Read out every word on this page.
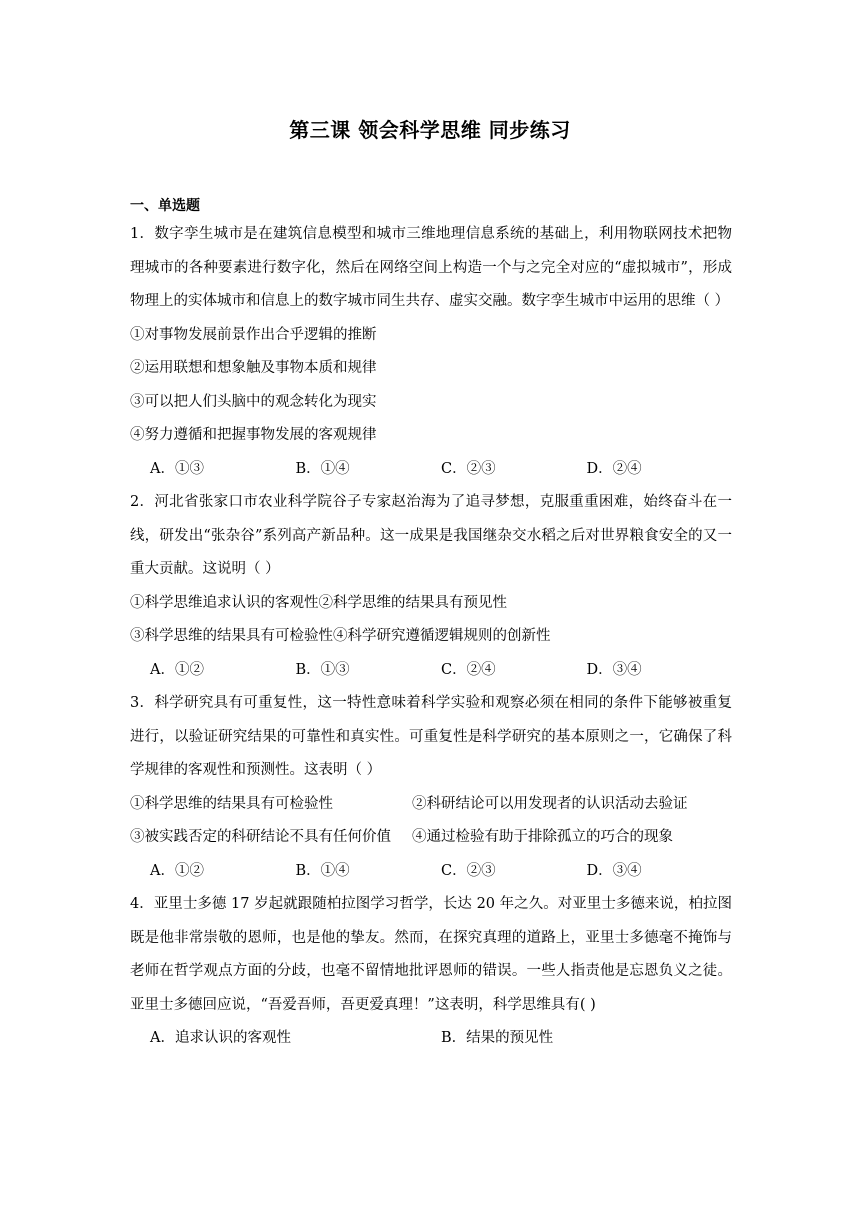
第三课 领会科学思维 同步练习
一、单选题

1．数字孪生城市是在建筑信息模型和城市三维地理信息系统的基础上，利用物联网技术把物理城市的各种要素进行数字化，然后在网络空间上构造一个与之完全对应的“虚拟城市”，形成物理上的实体城市和信息上的数字城市同生共存、虚实交融。数字孪生城市中运用的思维（ ）

①对事物发展前景作出合乎逻辑的推断

②运用联想和想象触及事物本质和规律

③可以把人们头脑中的观念转化为现实

④努力遵循和把握事物发展的客观规律

A．①③	B．①④	C．②③	D．②④

2．河北省张家口市农业科学院谷子专家赵治海为了追寻梦想，克服重重困难，始终奋斗在一线，研发出“张杂谷”系列高产新品种。这一成果是我国继杂交水稻之后对世界粮食安全的又一重大贡献。这说明（ ）

①科学思维追求认识的客观性②科学思维的结果具有预见性

③科学思维的结果具有可检验性④科学研究遵循逻辑规则的创新性

A．①②	B．①③	C．②④	D．③④

3．科学研究具有可重复性，这一特性意味着科学实验和观察必须在相同的条件下能够被重复进行，以验证研究结果的可靠性和真实性。可重复性是科学研究的基本原则之一，它确保了科学规律的客观性和预测性。这表明（ ）

①科学思维的结果具有可检验性	②科研结论可以用发现者的认识活动去验证
③被实践否定的科研结论不具有任何价值	④通过检验有助于排除孤立的巧合的现象
A．①②	B．①④	C．②③	D．③④

4．亚里士多德 17 岁起就跟随柏拉图学习哲学，长达 20 年之久。对亚里士多德来说，柏拉图既是他非常崇敬的恩师，也是他的挚友。然而，在探究真理的道路上，亚里士多德毫不掩饰与老师在哲学观点方面的分歧，也毫不留情地批评恩师的错误。一些人指责他是忘恩负义之徒。亚里士多德回应说，“吾爱吾师，吾更爱真理！”这表明，科学思维具有( )

A．追求认识的客观性	B．结果的预见性
